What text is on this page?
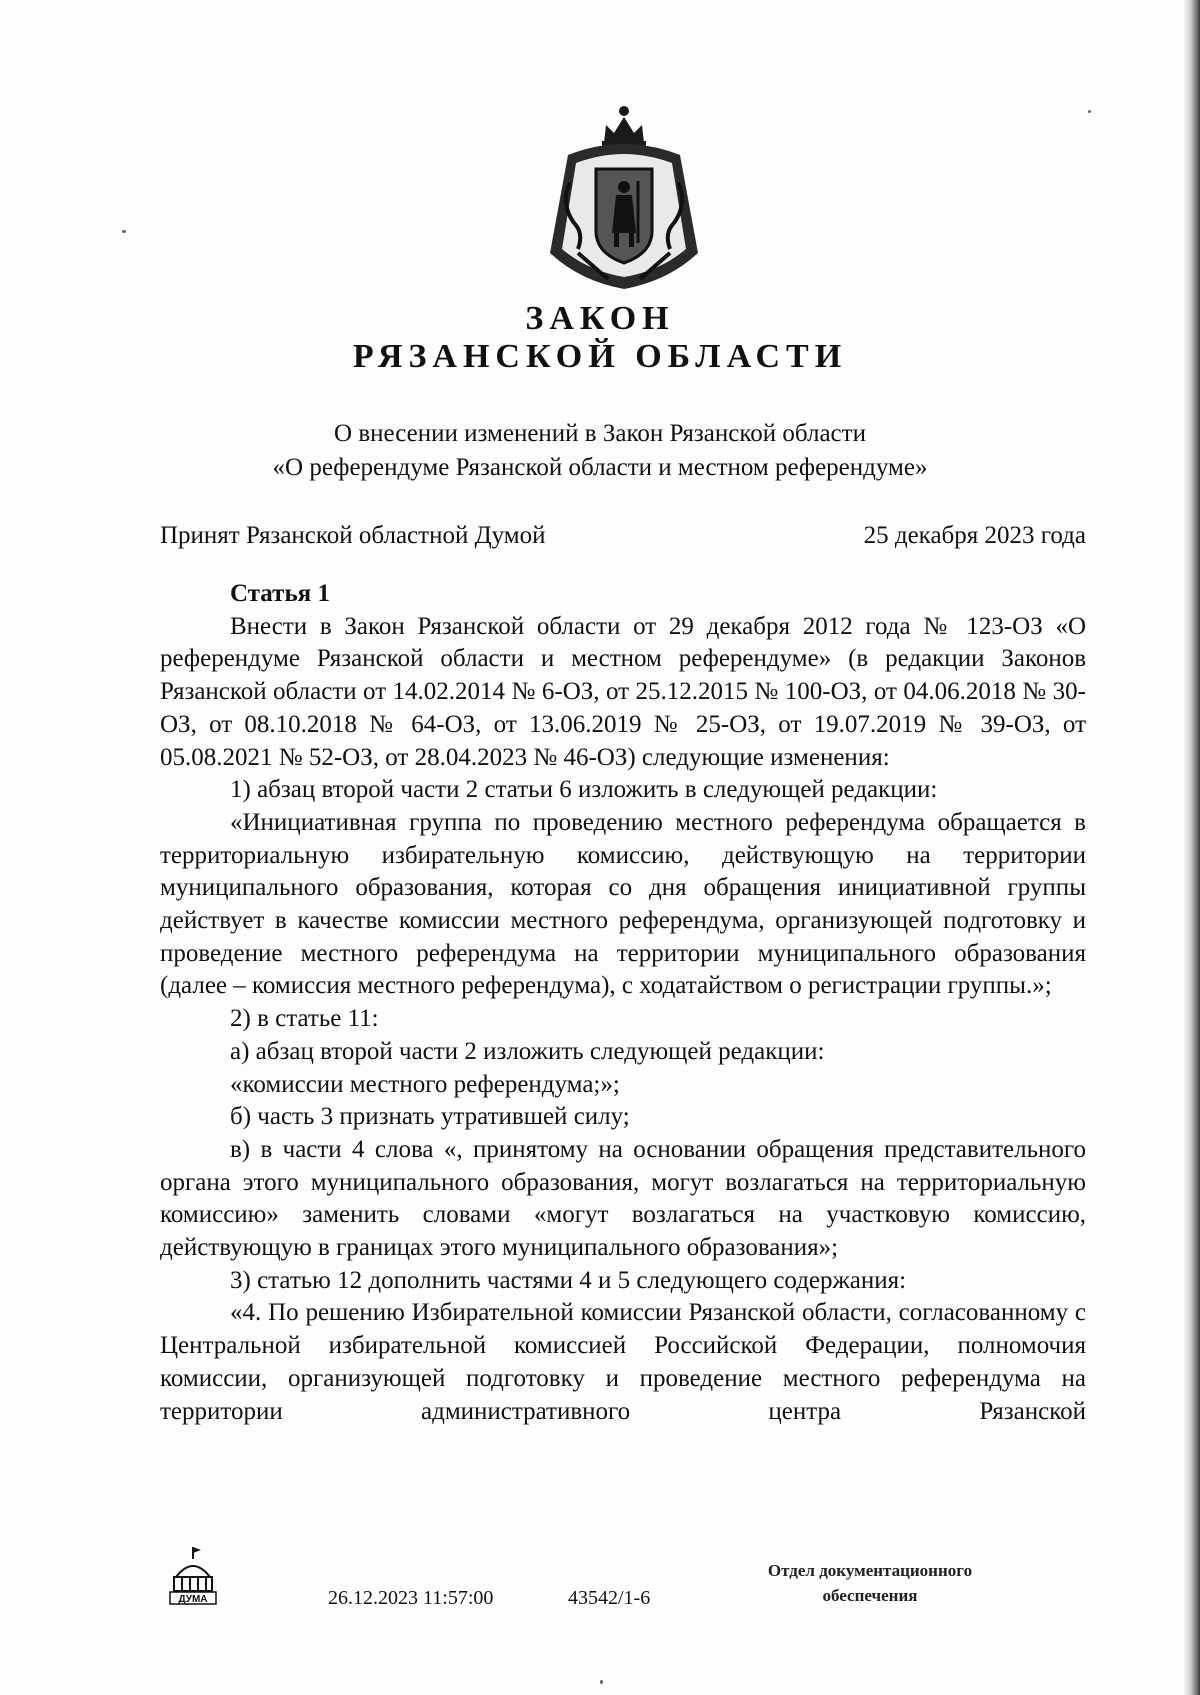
ЗАКОН
РЯЗАНСКОЙ ОБЛАСТИ
О внесении изменений в Закон Рязанской области
«О референдуме Рязанской области и местном референдуме»
Принят Рязанской областной Думой	25 декабря 2023 года

Статья 1

Внести в Закон Рязанской области от 29 декабря 2012 года № 123-ОЗ «О референдуме Рязанской области и местном референдуме» (в редакции Законов Рязанской области от 14.02.2014 № 6-ОЗ, от 25.12.2015 № 100-ОЗ, от 04.06.2018 № 30-ОЗ, от 08.10.2018 № 64-ОЗ, от 13.06.2019 № 25-ОЗ, от 19.07.2019 № 39-ОЗ, от 05.08.2021 № 52-ОЗ, от 28.04.2023 № 46-ОЗ) следующие изменения:

1) абзац второй части 2 статьи 6 изложить в следующей редакции:

«Инициативная группа по проведению местного референдума обращается в территориальную избирательную комиссию, действующую на территории муниципального образования, которая со дня обращения инициативной группы действует в качестве комиссии местного референдума, организующей подготовку и проведение местного референдума на территории муниципального образования (далее – комиссия местного референдума), с ходатайством о регистрации группы.»;

2) в статье 11:

а) абзац второй части 2 изложить следующей редакции:

«комиссии местного референдума;»;

б) часть 3 признать утратившей силу;

в) в части 4 слова «, принятому на основании обращения представительного органа этого муниципального образования, могут возлагаться на территориальную комиссию» заменить словами «могут возлагаться на участковую комиссию, действующую в границах этого муниципального образования»;

3) статью 12 дополнить частями 4 и 5 следующего содержания:

«4. По решению Избирательной комиссии Рязанской области, согласованному с Центральной избирательной комиссией Российской Федерации, полномочия комиссии, организующей подготовку и проведение местного референдума на территории административного центра Рязанской

ДУМА	26.12.2023 11:57:00	43542/1-6
Отдел документационного
обеспечения
